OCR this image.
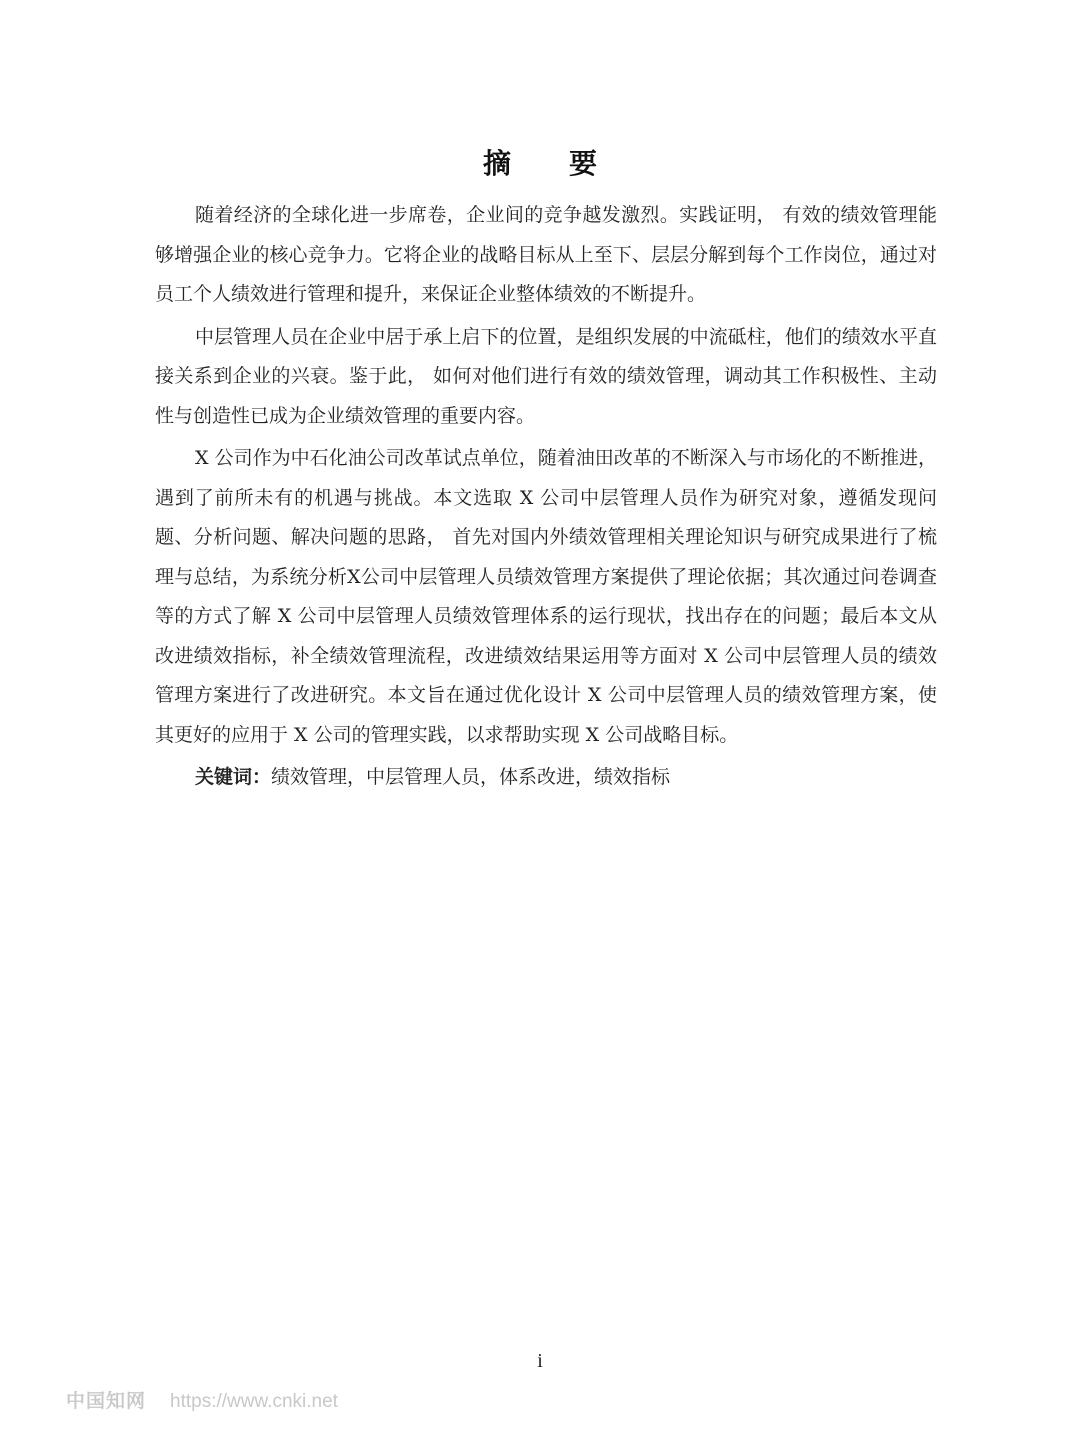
摘 要

随着经济的全球化进一步席卷，企业间的竞争越发激烈。实践证明， 有效的绩效管理能够增强企业的核心竞争力。它将企业的战略目标从上至下、层层分解到每个工作岗位，通过对员工个人绩效进行管理和提升，来保证企业整体绩效的不断提升。

中层管理人员在企业中居于承上启下的位置，是组织发展的中流砥柱，他们的绩效水平直接关系到企业的兴衰。鉴于此， 如何对他们进行有效的绩效管理，调动其工作积极性、主动性与创造性已成为企业绩效管理的重要内容。

X 公司作为中石化油公司改革试点单位，随着油田改革的不断深入与市场化的不断推进，遇到了前所未有的机遇与挑战。本文选取 X 公司中层管理人员作为研究对象，遵循发现问题、分析问题、解决问题的思路， 首先对国内外绩效管理相关理论知识与研究成果进行了梳理与总结，为系统分析X公司中层管理人员绩效管理方案提供了理论依据；其次通过问卷调查等的方式了解 X 公司中层管理人员绩效管理体系的运行现状，找出存在的问题；最后本文从改进绩效指标，补全绩效管理流程，改进绩效结果运用等方面对 X 公司中层管理人员的绩效管理方案进行了改进研究。本文旨在通过优化设计 X 公司中层管理人员的绩效管理方案，使其更好的应用于 X 公司的管理实践，以求帮助实现 X 公司战略目标。

关键词：绩效管理，中层管理人员，体系改进，绩效指标

i
中国知网 https://www.cnki.net
